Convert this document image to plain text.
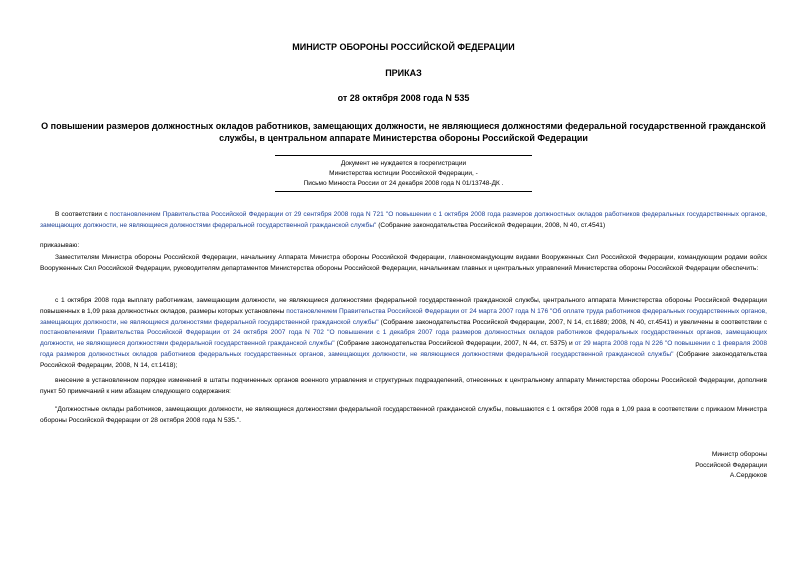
МИНИСТР ОБОРОНЫ РОССИЙСКОЙ ФЕДЕРАЦИИ
ПРИКАЗ
от 28 октября 2008 года N 535
О повышении размеров должностных окладов работников, замещающих должности, не являющиеся должностями федеральной государственной гражданской службы, в центральном аппарате Министерства обороны Российской Федерации
Документ не нуждается в госрегистрации
Министерства юстиции Российской Федерации, -
Письмо Минюста России от 24 декабря 2008 года N 01/13748-ДК .
В соответствии с постановлением Правительства Российской Федерации от 29 сентября 2008 года N 721 "О повышении с 1 октября 2008 года размеров должностных окладов работников федеральных государственных органов, замещающих должности, не являющиеся должностями федеральной государственной гражданской службы" (Собрание законодательства Российской Федерации, 2008, N 40, ст.4541)
приказываю:
Заместителям Министра обороны Российской Федерации, начальнику Аппарата Министра обороны Российской Федерации, главнокомандующим видами Вооруженных Сил Российской Федерации, командующим родами войск Вооруженных Сил Российской Федерации, руководителям департаментов Министерства обороны Российской Федерации, начальникам главных и центральных управлений Министерства обороны Российской Федерации обеспечить:
с 1 октября 2008 года выплату работникам, замещающим должности, не являющиеся должностями федеральной государственной гражданской службы, центрального аппарата Министерства обороны Российской Федерации повышенных в 1,09 раза должностных окладов, размеры которых установлены постановлением Правительства Российской Федерации от 24 марта 2007 года N 176 "Об оплате труда работников федеральных государственных органов, замещающих должности, не являющиеся должностями федеральной государственной гражданской службы" (Собрание законодательства Российской Федерации, 2007, N 14, ст.1689; 2008, N 40, ст.4541) и увеличены в соответствии с постановлениями Правительства Российской Федерации от 24 октября 2007 года N 702 "О повышении с 1 декабря 2007 года размеров должностных окладов работников федеральных государственных органов, замещающих должности, не являющиеся должностями федеральной государственной гражданской службы" (Собрание законодательства Российской Федерации, 2007, N 44, ст. 5375) и от 29 марта 2008 года N 226 "О повышении с 1 февраля 2008 года размеров должностных окладов работников федеральных государственных органов, замещающих должности, не являющиеся должностями федеральной государственной гражданской службы" (Собрание законодательства Российской Федерации, 2008, N 14, ст.1418);
внесение в установленном порядке изменений в штаты подчиненных органов военного управления и структурных подразделений, отнесенных к центральному аппарату Министерства обороны Российской Федерации, дополнив пункт 50 примечаний к ним абзацем следующего содержания:
"Должностные оклады работников, замещающих должности, не являющиеся должностями федеральной государственной гражданской службы, повышаются с 1 октября 2008 года в 1,09 раза в соответствии с приказом Министра обороны Российской Федерации от 28 октября 2008 года N 535.".
Министр обороны
Российской Федерации
А.Сердюков
